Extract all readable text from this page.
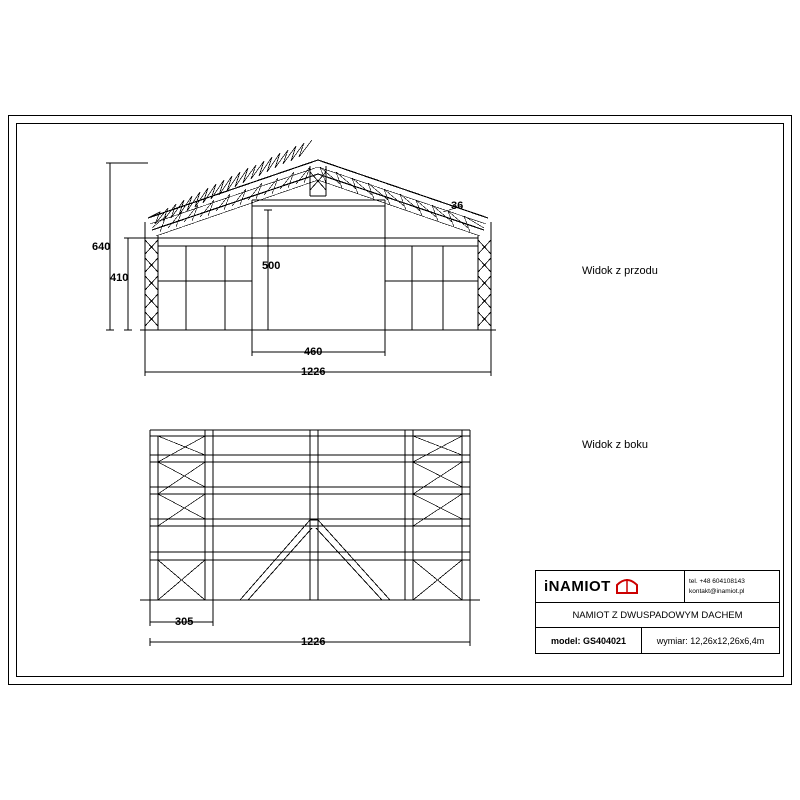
640
410
500
460
1226
36
305
1226
Widok z przodu
Widok z boku
iNAMIOT	tel. +48 604108143
kontakt@inamiot.pl
NAMIOT Z DWUSPADOWYM DACHEM
model: GS404021	wymiar: 12,26x12,26x6,4m
